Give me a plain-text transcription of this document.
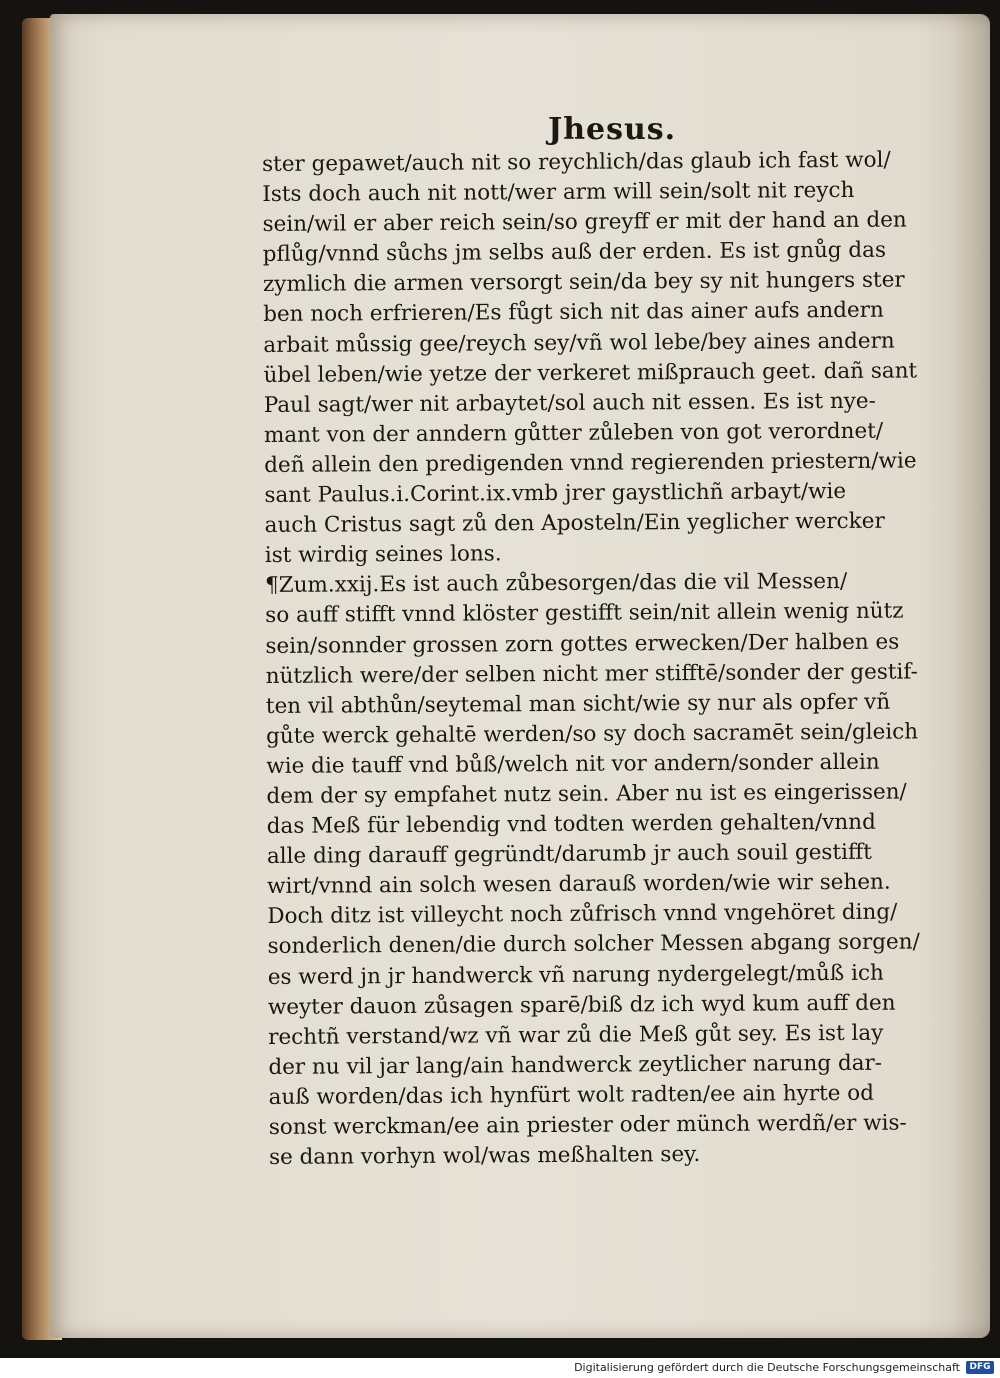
Jhesus.
ster gepawet/auch nit so reychlich/das glaub ich fast wol/
Ists doch auch nit nott/wer arm will sein/solt nit reych
sein/wil er aber reich sein/so greyff er mit der hand an den
pflůg/vnnd sůchs jm selbs auß der erden. Es ist gnůg das
zymlich die armen versorgt sein/da bey sy nit hungers ster
ben noch erfrieren/Es fůgt sich nit das ainer aufs andern
arbait můssig gee/reych sey/vñ wol lebe/bey aines andern
übel leben/wie yetze der verkeret mißprauch geet. dañ sant
Paul sagt/wer nit arbaytet/sol auch nit essen. Es ist nye-
mant von der anndern gůtter zůleben von got verordnet/
deñ allein den predigenden vnnd regierenden priestern/wie
sant Paulus.i.Corint.ix.vmb jrer gaystlichñ arbayt/wie
auch Cristus sagt zů den Aposteln/Ein yeglicher wercker
ist wirdig seines lons.
¶Zum.xxij.Es ist auch zůbesorgen/das die vil Messen/
so auff stifft vnnd klöster gestifft sein/nit allein wenig nütz
sein/sonnder grossen zorn gottes erwecken/Der halben es
nützlich were/der selben nicht mer stifftē/sonder der gestif-
ten vil abthůn/seytemal man sicht/wie sy nur als opfer vñ
gůte werck gehaltē werden/so sy doch sacramēt sein/gleich
wie die tauff vnd bůß/welch nit vor andern/sonder allein
dem der sy empfahet nutz sein. Aber nu ist es eingerissen/
das Meß für lebendig vnd todten werden gehalten/vnnd
alle ding darauff gegründt/darumb jr auch souil gestifft
wirt/vnnd ain solch wesen darauß worden/wie wir sehen.
Doch ditz ist villeycht noch zůfrisch vnnd vngehöret ding/
sonderlich denen/die durch solcher Messen abgang sorgen/
es werd jn jr handwerck vñ narung nydergelegt/můß ich
weyter dauon zůsagen sparē/biß dz ich wyd kum auff den
rechtñ verstand/wz vñ war zů die Meß gůt sey. Es ist lay
der nu vil jar lang/ain handwerck zeytlicher narung dar-
auß worden/das ich hynfürt wolt radten/ee ain hyrte od
sonst werckman/ee ain priester oder münch werdñ/er wis-
se dann vorhyn wol/was meßhalten sey.
Digitalisierung gefördert durch die Deutsche Forschungsgemeinschaft	DFG
